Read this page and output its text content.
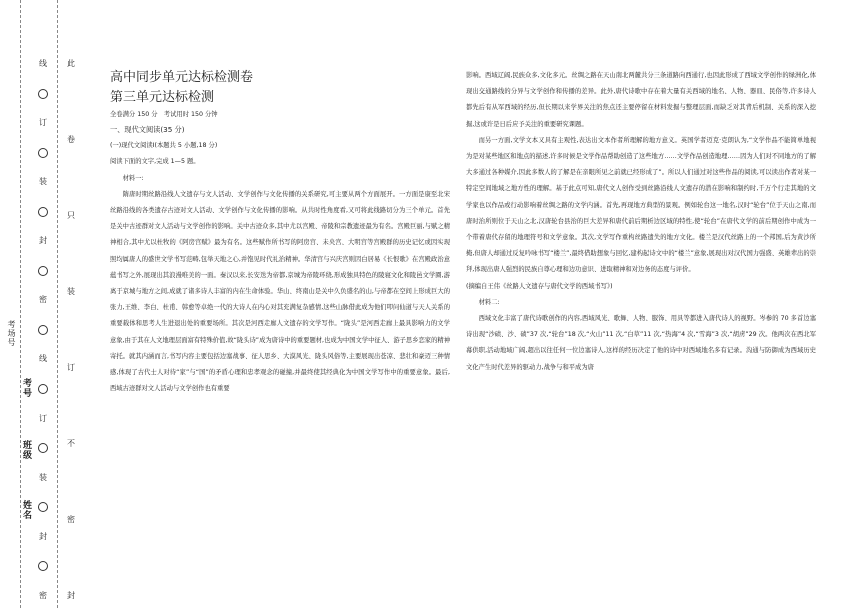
线
订
装
封
密
线
订
装
封
密
此
卷
只
装
订
不
密
封
姓名
班级
考号
考场号

高中同步单元达标检测卷

第三单元达标检测

全卷满分 150 分　考试用时 150 分钟

一、现代文阅读(35 分)

(一)现代文阅读Ⅰ(本题共 5 小题,18 分)

阅读下面的文字,完成 1—5 题。

材料一:

隋唐时期丝路沿线人文遗存与文人活动、文学创作与文化传播的关系研究,可主要从两个方面展开。一方面是康至北宋丝路沿线的各类遗存古迹对文人活动、文学创作与文化传播的影响。从共时性角度看,又可将此线路切分为三个单元。首先是关中古迹群对文人活动与文学创作的影响。关中古迹众多,其中尤以宫殿、帝陵和宗教遗迹最为有名。宫殿巨丽,与赋之精神相合,其中尤以杜牧的《阿房宫赋》最为有名。这些赋作所书写的阿房宫、未央宫、大明宫等宫殿群的历史记忆或因实现照均属唐人的盛世文学书写范畴,包举天地之心,并饱见时代礼治精神。华清宫与兴庆宫则因白居易《长恨歌》在宫殿政治意蕴书写之外,展现出其浪漫唯美的一面。秦汉以来,长安迭为帝都,京城为帝陵环绕,形成独具特色的陵寝文化和陵邑文学圈,游离于京城与地方之间,成就了诸多诗人丰富的内在生命体验。华山、终南山是关中久负盛名的山,与帝都在空间上形成巨大的张力,王维、李白、杜甫、韩愈等卓绝一代的大诗人在内心对其充满复杂感情,这些山脉借此成为他们叩问仙道与天人关系的重要载体和思考人生进退出处的重要场所。其次是河西走廊人文遗存的文学写作。“陇头”是河西走廊上最具影响力的文学意象,由于其在人文地理层面富有特殊价值,故“陇头诗”成为唐诗中的重要题材,也成为中国文学中征人、游子思乡恋家的精神寄托。就其内涵而言,书写内容主要包括边塞战事、征人思乡、大漠风光、陇头风俗等,主要展现出苍凉、悲壮和豪迈三种情感,体现了古代士人对待“家”与“国”的矛盾心理和忠孝观念的碰撞,并最终使其经典化为中国文学写作中的重要意象。最后,西域古迹群对文人活动与文学创作也有重要

影响。西域辽阔,民族众多,文化多元。丝绸之路在天山南北两麓共分三条道路向西通行,也因此形成了西域文学创作的绿洲化,体现出交通路线的分异与文学创作和传播的差异。此外,唐代诗歌中存在着大量有关西域的地名、人物、器皿、民俗等,许多诗人都先后有从军西域的经历,但长期以来学界关注的焦点还主要停留在材料发掘与整理层面,而缺乏对其背后机制、关系的深入挖掘,这或许是日后应予关注的重要研究课题。

而另一方面,文学文本又具有主观性,表达出文本作者所理解的地方意义。英国学者迈克·克朗认为,“文学作品不能简单地视为是对某些地区和地点的描述,许多时候是文学作品帮助创造了这些地方……文学作品创造地理……因为人们对不同地方的了解大多通过各种媒介,因此多数人的了解是在亲眼所见之前就已经形成了”。所以人们通过对这些作品的阅读,可以读出作者对某一特定空间地域之地方性的理解。基于此点可知,唐代文人创作受到丝路沿线人文遗存的潜在影响和制约时,千万个行走其地的文学家也以作品或行动影响着丝绸之路的文学内涵。首先,再现地方典型的景观。例如轮台这一地名,汉时“轮台”位于天山之南,而唐时治所则位于天山之北,汉唐轮台县治的巨大差异和唐代前后期析边区域的特性,使“轮台”在唐代文学的前后期创作中成为一个带着唐代存留的地理符号和文学意象。其次,文学写作重构丝路遗失的地方文化。楼兰是汉代丝路上的一个邦国,后为黄沙所掩,但唐人却通过反复吟咏书写“楼兰”,最终借助想象与回忆,建构起诗文中的“楼兰”意象,展现出对汉代国力强盛、英雄辈出的崇拜,体现出唐人强烈的民族自尊心理和边功意识、进取精神和对边务的态度与评价。

(摘编自王伟《丝路人文遗存与唐代文学的西域书写》)

材料二:

西域文化丰富了唐代诗歌创作的内容,西域风光、歌舞、人物、服饰、用具等都进入唐代诗人的视野。岑参的 70 多首边塞诗出现“沙碛、沙、碛”37 次,“轮台”18 次,“火山”11 次,“白草”11 次,“热海”4 次,“雪海”3 次,“胡虏”29 次。他两次在西北军幕供职,活动地域广阔,超出以往任何一位边塞诗人,这样的经历决定了他的诗中对西域地名多有记录。沟通与防御成为西域历史文化产生时代差异的驱动力,战争与和平成为唐
